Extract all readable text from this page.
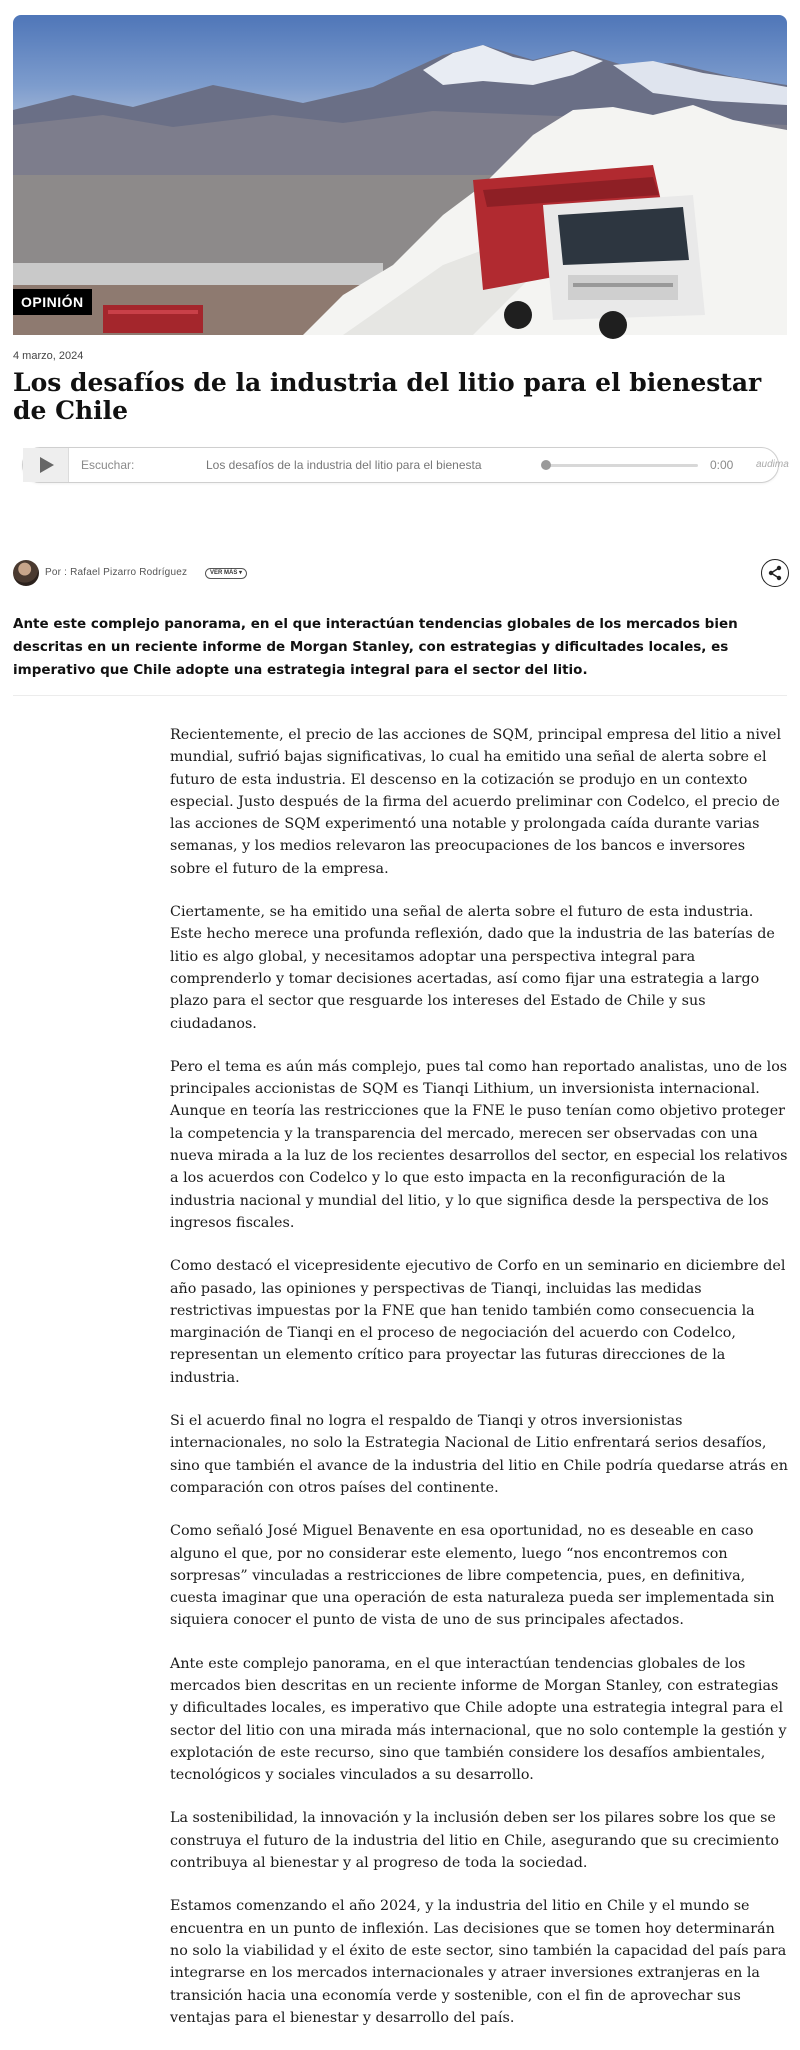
OPINIÓN
4 marzo, 2024
Los desafíos de la industria del litio para el bienestar de Chile
Escuchar:	Los desafíos de la industria del litio para el bienesta	0:00 audima
Por : Rafael Pizarro Rodríguez	VER MÁS ▾

Ante este complejo panorama, en el que interactúan tendencias globales de los mercados bien descritas en un reciente informe de Morgan Stanley, con estrategias y dificultades locales, es imperativo que Chile adopte una estrategia integral para el sector del litio.

Recientemente, el precio de las acciones de SQM, principal empresa del litio a nivel mundial, sufrió bajas significativas, lo cual ha emitido una señal de alerta sobre el futuro de esta industria. El descenso en la cotización se produjo en un contexto especial. Justo después de la firma del acuerdo preliminar con Codelco, el precio de las acciones de SQM experimentó una notable y prolongada caída durante varias semanas, y los medios relevaron las preocupaciones de los bancos e inversores sobre el futuro de la empresa.

Ciertamente, se ha emitido una señal de alerta sobre el futuro de esta industria. Este hecho merece una profunda reflexión, dado que la industria de las baterías de litio es algo global, y necesitamos adoptar una perspectiva integral para comprenderlo y tomar decisiones acertadas, así como fijar una estrategia a largo plazo para el sector que resguarde los intereses del Estado de Chile y sus ciudadanos.

Pero el tema es aún más complejo, pues tal como han reportado analistas, uno de los principales accionistas de SQM es Tianqi Lithium, un inversionista internacional. Aunque en teoría las restricciones que la FNE le puso tenían como objetivo proteger la competencia y la transparencia del mercado, merecen ser observadas con una nueva mirada a la luz de los recientes desarrollos del sector, en especial los relativos a los acuerdos con Codelco y lo que esto impacta en la reconfiguración de la industria nacional y mundial del litio, y lo que significa desde la perspectiva de los ingresos fiscales.

Como destacó el vicepresidente ejecutivo de Corfo en un seminario en diciembre del año pasado, las opiniones y perspectivas de Tianqi, incluidas las medidas restrictivas impuestas por la FNE que han tenido también como consecuencia la marginación de Tianqi en el proceso de negociación del acuerdo con Codelco, representan un elemento crítico para proyectar las futuras direcciones de la industria.

Si el acuerdo final no logra el respaldo de Tianqi y otros inversionistas internacionales, no solo la Estrategia Nacional de Litio enfrentará serios desafíos, sino que también el avance de la industria del litio en Chile podría quedarse atrás en comparación con otros países del continente.

Como señaló José Miguel Benavente en esa oportunidad, no es deseable en caso alguno el que, por no considerar este elemento, luego “nos encontremos con sorpresas” vinculadas a restricciones de libre competencia, pues, en definitiva, cuesta imaginar que una operación de esta naturaleza pueda ser implementada sin siquiera conocer el punto de vista de uno de sus principales afectados.

Ante este complejo panorama, en el que interactúan tendencias globales de los mercados bien descritas en un reciente informe de Morgan Stanley, con estrategias y dificultades locales, es imperativo que Chile adopte una estrategia integral para el sector del litio con una mirada más internacional, que no solo contemple la gestión y explotación de este recurso, sino que también considere los desafíos ambientales, tecnológicos y sociales vinculados a su desarrollo.

La sostenibilidad, la innovación y la inclusión deben ser los pilares sobre los que se construya el futuro de la industria del litio en Chile, asegurando que su crecimiento contribuya al bienestar y al progreso de toda la sociedad.

Estamos comenzando el año 2024, y la industria del litio en Chile y el mundo se encuentra en un punto de inflexión. Las decisiones que se tomen hoy determinarán no solo la viabilidad y el éxito de este sector, sino también la capacidad del país para integrarse en los mercados internacionales y atraer inversiones extranjeras en la transición hacia una economía verde y sostenible, con el fin de aprovechar sus ventajas para el bienestar y desarrollo del país.
